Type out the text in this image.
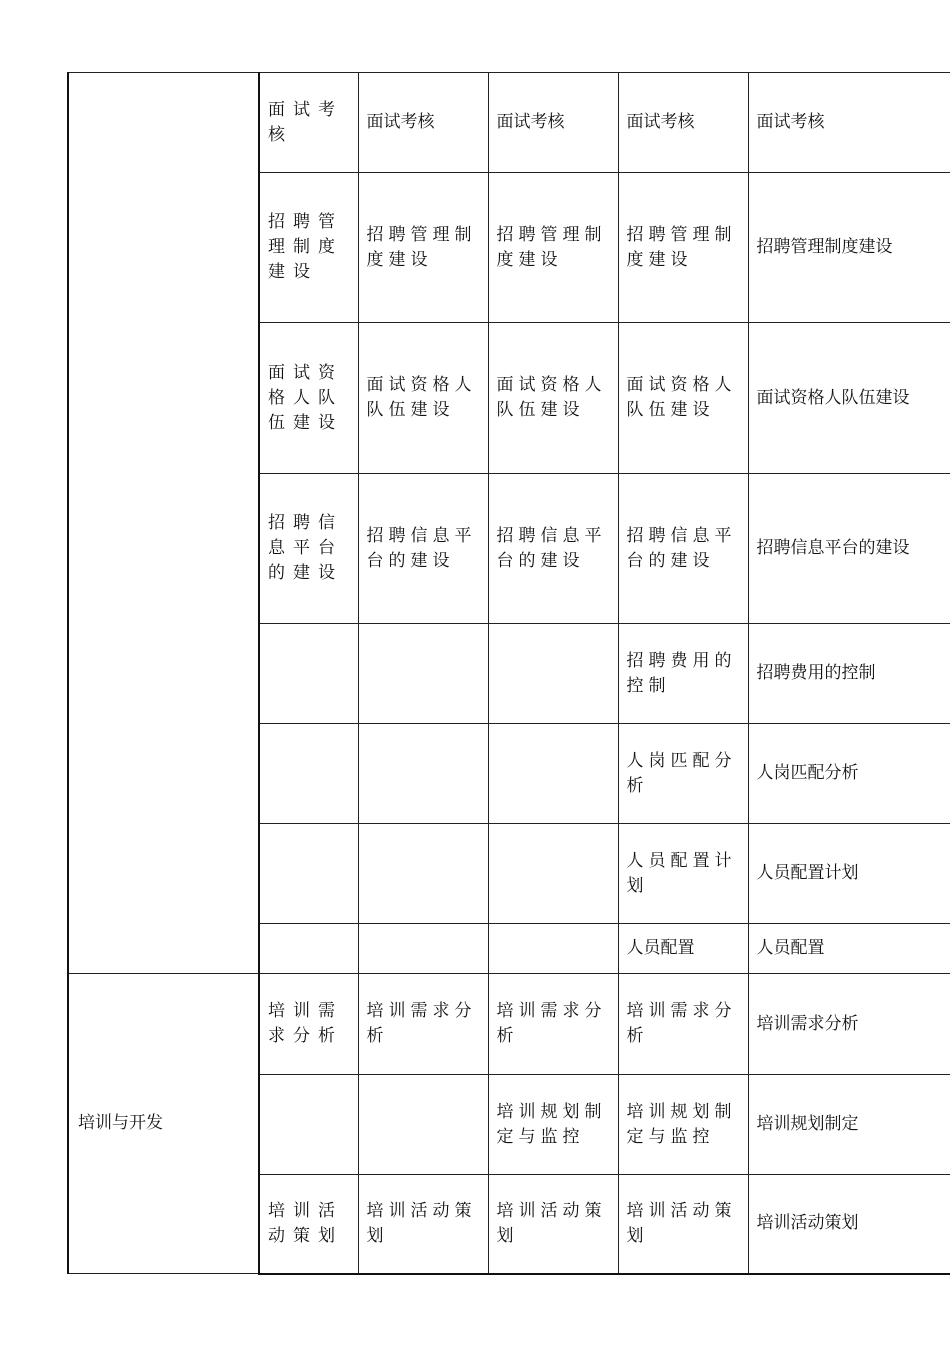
	面试考核	面试考核	面试考核	面试考核	面试考核
	招聘管理制度建设	招聘管理制度建设	招聘管理制度建设	招聘管理制度建设	招聘管理制度建设
	面试资格人队伍建设	面试资格人队伍建设	面试资格人队伍建设	面试资格人队伍建设	面试资格人队伍建设
	招聘信息平台的建设	招聘信息平台的建设	招聘信息平台的建设	招聘信息平台的建设	招聘信息平台的建设
				招聘费用的控制	招聘费用的控制
				人岗匹配分析	人岗匹配分析
				人员配置计划	人员配置计划
				人员配置	人员配置
培训与开发	培训需求分析	培训需求分析	培训需求分析	培训需求分析	培训需求分析
			培训规划制定与监控	培训规划制定与监控	培训规划制定
	培训活动策划	培训活动策划	培训活动策划	培训活动策划	培训活动策划
